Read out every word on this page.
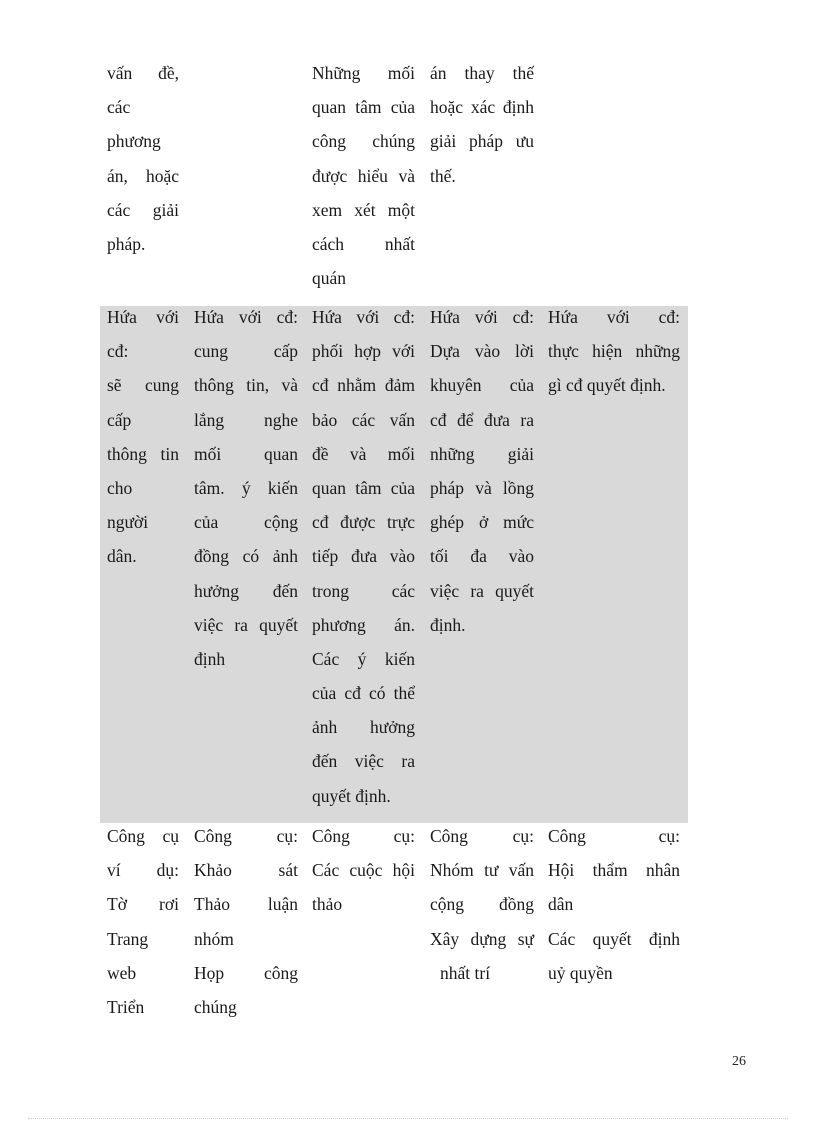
vấn đề,
các
phương
án, hoặc
các giải
pháp.
Những mối
quan tâm của
công chúng
được hiểu và
xem xét một
cách nhất
quán
án thay thế
hoặc xác định
giải pháp ưu
thế.
Hứa với
cđ:
sẽ cung
cấp
thông tin
cho
người
dân.
Hứa với cđ:
cung cấp
thông tin, và
lắng nghe
mối quan
tâm. ý kiến
của cộng
đồng có ảnh
hưởng đến
việc ra quyết
định
Hứa với cđ:
phối hợp với
cđ nhằm đảm
bảo các vấn
đề và mối
quan tâm của
cđ được trực
tiếp đưa vào
trong các
phương án.
Các ý kiến
của cđ có thể
ảnh hưởng
đến việc ra
quyết định.
Hứa với cđ:
Dựa vào lời
khuyên của
cđ để đưa ra
những giải
pháp và lồng
ghép ở mức
tối đa vào
việc ra quyết
định.
Hứa với cđ:
thực hiện những
gì cđ quyết định.
Công cụ
ví dụ:
Tờ rơi
Trang
web
Triển
Công cụ:
Khảo sát
Thảo luận
nhóm
Họp công
chúng
Công cụ:
Các cuộc hội
thảo
Công cụ:
Nhóm tư vấn
cộng đồng
Xây dựng sự
nhất trí
Công cụ:
Hội thẩm nhân
dân
Các quyết định
uỷ quyền
26
